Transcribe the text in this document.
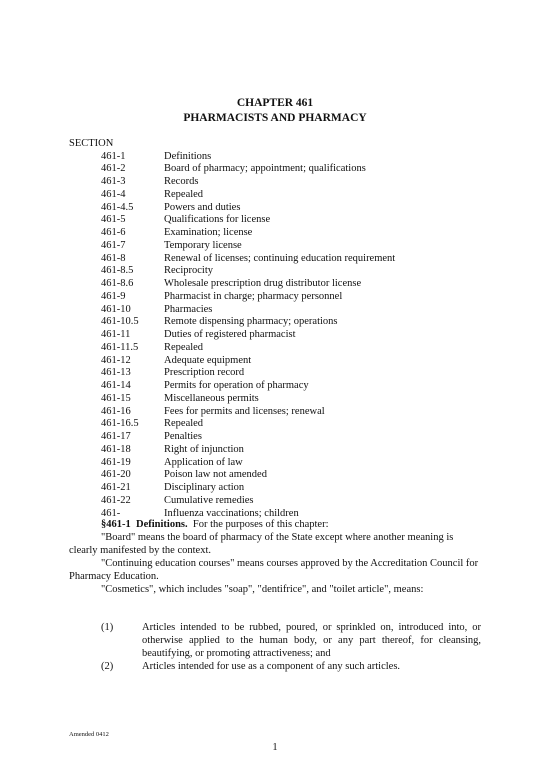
CHAPTER 461
PHARMACISTS AND PHARMACY
SECTION
461-1	Definitions
461-2	Board of pharmacy; appointment; qualifications
461-3	Records
461-4	Repealed
461-4.5	Powers and duties
461-5	Qualifications for license
461-6	Examination; license
461-7	Temporary license
461-8	Renewal of licenses; continuing education requirement
461-8.5	Reciprocity
461-8.6	Wholesale prescription drug distributor license
461-9	Pharmacist in charge; pharmacy personnel
461-10	Pharmacies
461-10.5 Remote dispensing pharmacy; operations
461-11	Duties of registered pharmacist
461-11.5 Repealed
461-12	Adequate equipment
461-13	Prescription record
461-14	Permits for operation of pharmacy
461-15	Miscellaneous permits
461-16	Fees for permits and licenses; renewal
461-16.5 Repealed
461-17	Penalties
461-18	Right of injunction
461-19	Application of law
461-20	Poison law not amended
461-21	Disciplinary action
461-22	Cumulative remedies
461-	Influenza vaccinations; children
§461-1 Definitions. For the purposes of this chapter:
"Board" means the board of pharmacy of the State except where another meaning is clearly manifested by the context.
"Continuing education courses" means courses approved by the Accreditation Council for Pharmacy Education.
"Cosmetics", which includes "soap", "dentifrice", and "toilet article", means:
(1)	Articles intended to be rubbed, poured, or sprinkled on, introduced into, or otherwise applied to the human body, or any part thereof, for cleansing, beautifying, or promoting attractiveness; and
(2)	Articles intended for use as a component of any such articles.
Amended 0412
1
